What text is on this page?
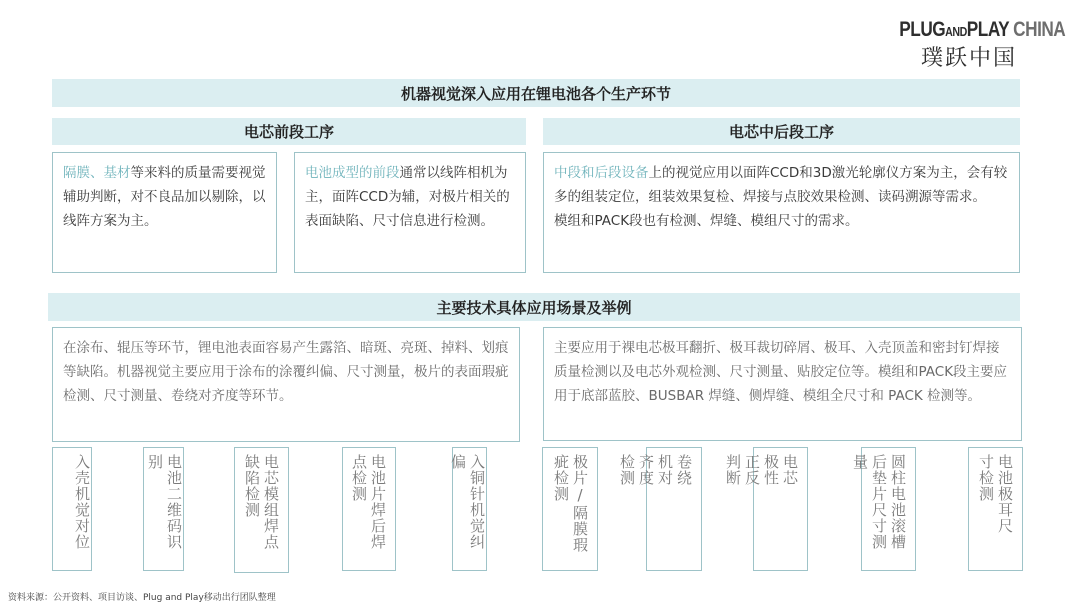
PLUGANDPLAY CHINA
璞跃中国
机器视觉深入应用在锂电池各个生产环节
电芯前段工序	电芯中后段工序
隔膜、基材等来料的质量需要视觉辅助判断，对不良品加以剔除，以线阵方案为主。
电池成型的前段通常以线阵相机为主，面阵CCD为辅，对极片相关的表面缺陷、尺寸信息进行检测。
中段和后段设备上的视觉应用以面阵CCD和3D激光轮廓仪方案为主，会有较多的组装定位，组装效果复检、焊接与点胶效果检测、读码溯源等需求。
模组和PACK段也有检测、焊缝、模组尺寸的需求。
主要技术具体应用场景及举例
在涂布、辊压等环节，锂电池表面容易产生露箔、暗斑、亮斑、掉料、划痕等缺陷。机器视觉主要应用于涂布的涂覆纠偏、尺寸测量，极片的表面瑕疵检测、尺寸测量、卷绕对齐度等环节。
主要应用于裸电芯极耳翻折、极耳裁切碎屑、极耳、入壳顶盖和密封钉焊接质量检测以及电芯外观检测、尺寸测量、贴胶定位等。模组和PACK段主要应用于底部蓝胶、BUSBAR 焊缝、侧焊缝、模组全尺寸和 PACK 检测等。
入壳机觉对位	电池二维码识别	电芯模组焊点缺陷检测	电池片焊后焊点检测	入铜针机觉纠偏	极片/隔膜瑕疵检测	卷绕机对齐度检测	电芯极性正反判断	圆柱电池滚槽后垫片尺寸测量	电池极耳尺寸检测
资料来源：公开资料、项目访谈、Plug and Play移动出行团队整理
